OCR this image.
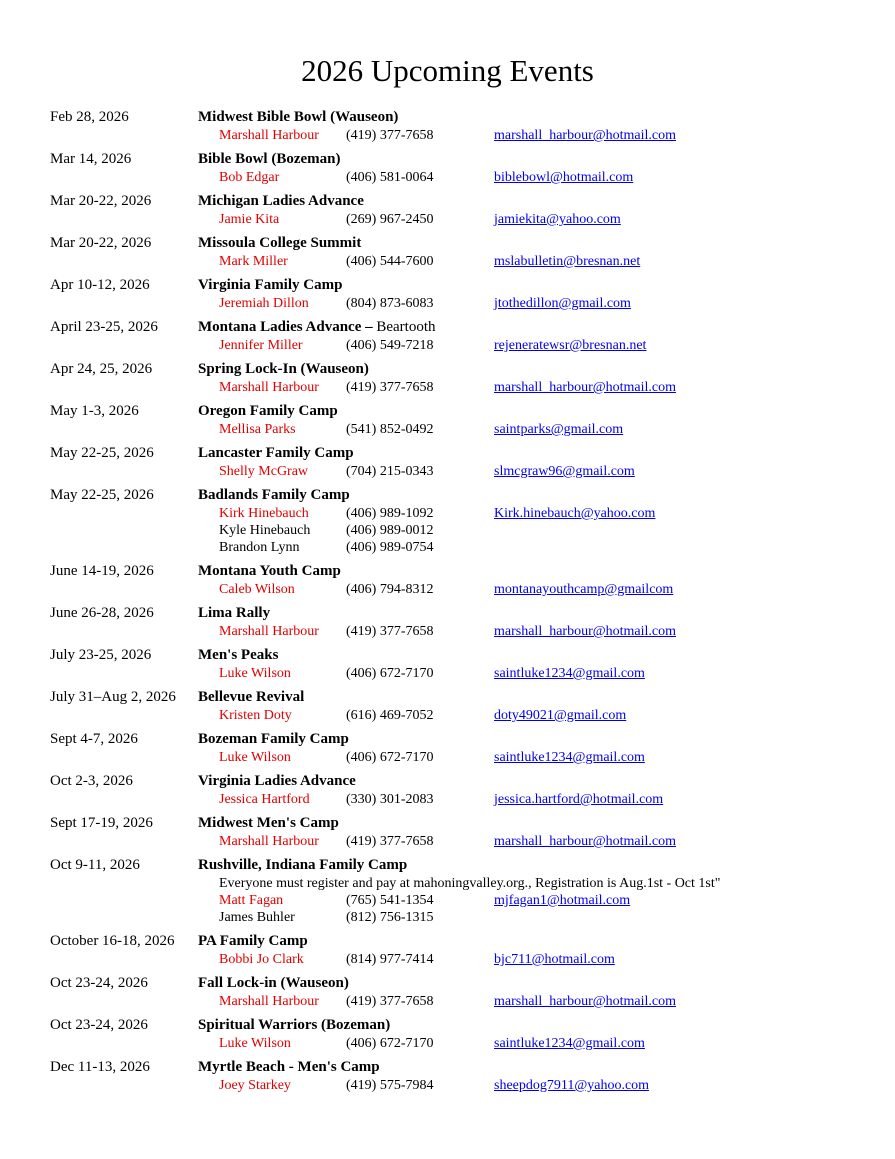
2026 Upcoming Events
Feb 28, 2026	Midwest Bible Bowl (Wauseon)
Marshall Harbour (419) 377-7658	marshall_harbour@hotmail.com
Mar 14, 2026	Bible Bowl (Bozeman)
Bob Edgar	(406) 581-0064	biblebowl@hotmail.com
Mar 20-22, 2026	Michigan Ladies Advance
Jamie Kita	(269) 967-2450	jamiekita@yahoo.com
Mar 20-22, 2026	Missoula College Summit
Mark Miller	(406) 544-7600	mslabulletin@bresnan.net
Apr 10-12, 2026	Virginia Family Camp
Jeremiah Dillon	(804) 873-6083	jtothedillon@gmail.com
April 23-25, 2026	Montana Ladies Advance – Beartooth
Jennifer Miller	(406) 549-7218	rejeneratewsr@bresnan.net
Apr 24, 25, 2026	Spring Lock-In (Wauseon)
Marshall Harbour (419) 377-7658	marshall_harbour@hotmail.com
May 1-3, 2026	Oregon Family Camp
Mellisa Parks	(541) 852-0492	saintparks@gmail.com
May 22-25, 2026	Lancaster Family Camp
Shelly McGraw	(704) 215-0343	slmcgraw96@gmail.com
May 22-25, 2026	Badlands Family Camp
Kirk Hinebauch	(406) 989-1092	Kirk.hinebauch@yahoo.com
Kyle Hinebauch	(406) 989-0012
Brandon Lynn	(406) 989-0754
June 14-19, 2026	Montana Youth Camp
Caleb Wilson	(406) 794-8312	montanayouthcamp@gmailcom
June 26-28, 2026	Lima Rally
Marshall Harbour (419) 377-7658	marshall_harbour@hotmail.com
July 23-25, 2026	Men's Peaks
Luke Wilson	(406) 672-7170	saintluke1234@gmail.com
July 31–Aug 2, 2026 Bellevue Revival
Kristen Doty	(616) 469-7052	doty49021@gmail.com
Sept 4-7, 2026	Bozeman Family Camp
Luke Wilson	(406) 672-7170	saintluke1234@gmail.com
Oct 2-3, 2026	Virginia Ladies Advance
Jessica Hartford	(330) 301-2083	jessica.hartford@hotmail.com
Sept 17-19, 2026	Midwest Men's Camp
Marshall Harbour (419) 377-7658	marshall_harbour@hotmail.com
Oct 9-11, 2026	Rushville, Indiana Family Camp
Everyone must register and pay at mahoningvalley.org., Registration is Aug.1st - Oct 1st"
Matt Fagan	(765) 541-1354	mjfagan1@hotmail.com
James Buhler	(812) 756-1315
October 16-18, 2026 PA Family Camp
Bobbi Jo Clark	(814) 977-7414	bjc711@hotmail.com
Oct 23-24, 2026	Fall Lock-in (Wauseon)
Marshall Harbour (419) 377-7658	marshall_harbour@hotmail.com
Oct 23-24, 2026	Spiritual Warriors (Bozeman)
Luke Wilson	(406) 672-7170	saintluke1234@gmail.com
Dec 11-13, 2026	Myrtle Beach - Men's Camp
Joey Starkey	(419) 575-7984	sheepdog7911@yahoo.com
